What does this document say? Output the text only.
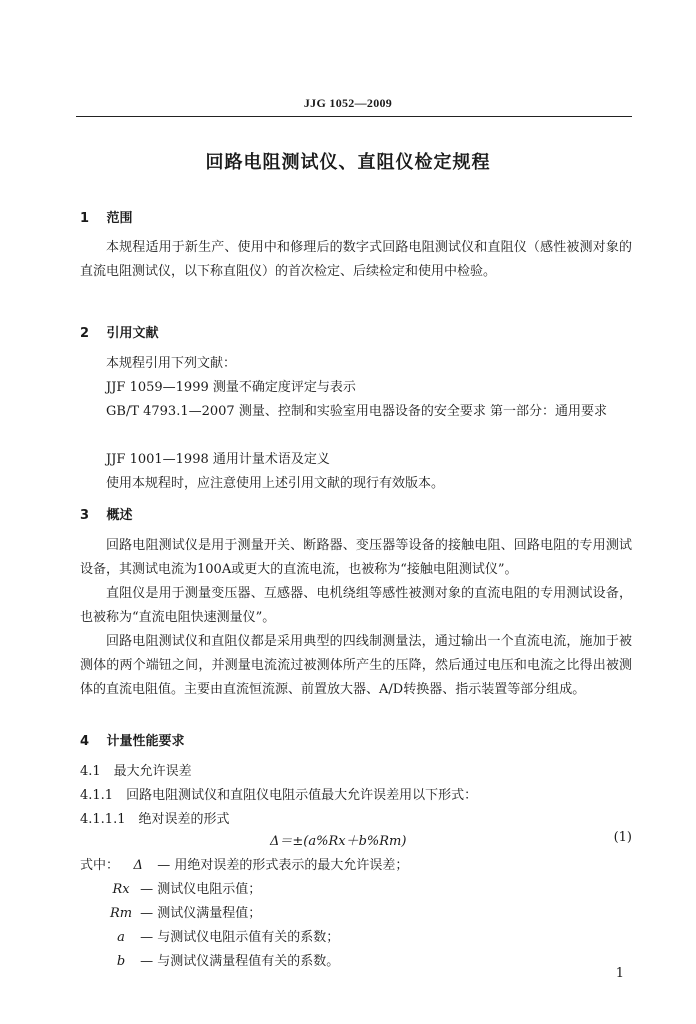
JJG 1052—2009
回路电阻测试仪、直阻仪检定规程
1 范围
本规程适用于新生产、使用中和修理后的数字式回路电阻测试仪和直阻仪（感性被测对象的直流电阻测试仪，以下称直阻仪）的首次检定、后续检定和使用中检验。
2 引用文献
本规程引用下列文献：
JJF 1059—1999 测量不确定度评定与表示
GB/T 4793.1—2007 测量、控制和实验室用电器设备的安全要求 第一部分：通用要求
JJF 1001—1998 通用计量术语及定义
使用本规程时，应注意使用上述引用文献的现行有效版本。
3 概述
回路电阻测试仪是用于测量开关、断路器、变压器等设备的接触电阻、回路电阻的专用测试设备，其测试电流为100A或更大的直流电流，也被称为“接触电阻测试仪”。
直阻仪是用于测量变压器、互感器、电机绕组等感性被测对象的直流电阻的专用测试设备，也被称为“直流电阻快速测量仪”。
回路电阻测试仪和直阻仪都是采用典型的四线制测量法，通过输出一个直流电流，施加于被测体的两个端钮之间，并测量电流流过被测体所产生的压降，然后通过电压和电流之比得出被测体的直流电阻值。主要由直流恒流源、前置放大器、A/D转换器、指示装置等部分组成。
4 计量性能要求
4.1　最大允许误差
4.1.1　回路电阻测试仪和直阻仪电阻示值最大允许误差用以下形式：
4.1.1.1　绝对误差的形式
Δ＝±(a%Rx＋b%Rm)	(1)
式中： Δ — 用绝对误差的形式表示的最大允许误差；
Rx — 测试仪电阻示值；
Rm — 测试仪满量程值；
a — 与测试仪电阻示值有关的系数；
b — 与测试仪满量程值有关的系数。
1
